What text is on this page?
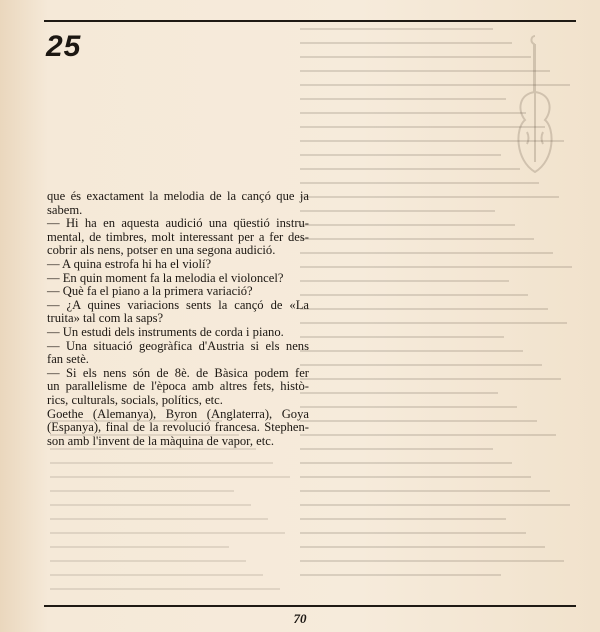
25

que és exactament la melodia de la cançó que ja
sabem.

— Hi ha en aquesta audició una qüestió instru-
mental, de timbres, molt interessant per a fer des-
cobrir als nens, potser en una segona audició.

— A quina estrofa hi ha el violí?

— En quin moment fa la melodia el violoncel?

— Què fa el piano a la primera variació?

— ¿A quines variacions sents la cançó de «La
truita» tal com la saps?

— Un estudi dels instruments de corda i piano.

— Una situació geogràfica d'Austria si els nens
fan setè.

— Si els nens són de 8è. de Bàsica podem fer
un parallelisme de l'època amb altres fets, histò-
rics, culturals, socials, polítics, etc.

Goethe (Alemanya), Byron (Anglaterra), Goya
(Espanya), final de la revolució francesa. Stephen-
son amb l'invent de la màquina de vapor, etc.

70
